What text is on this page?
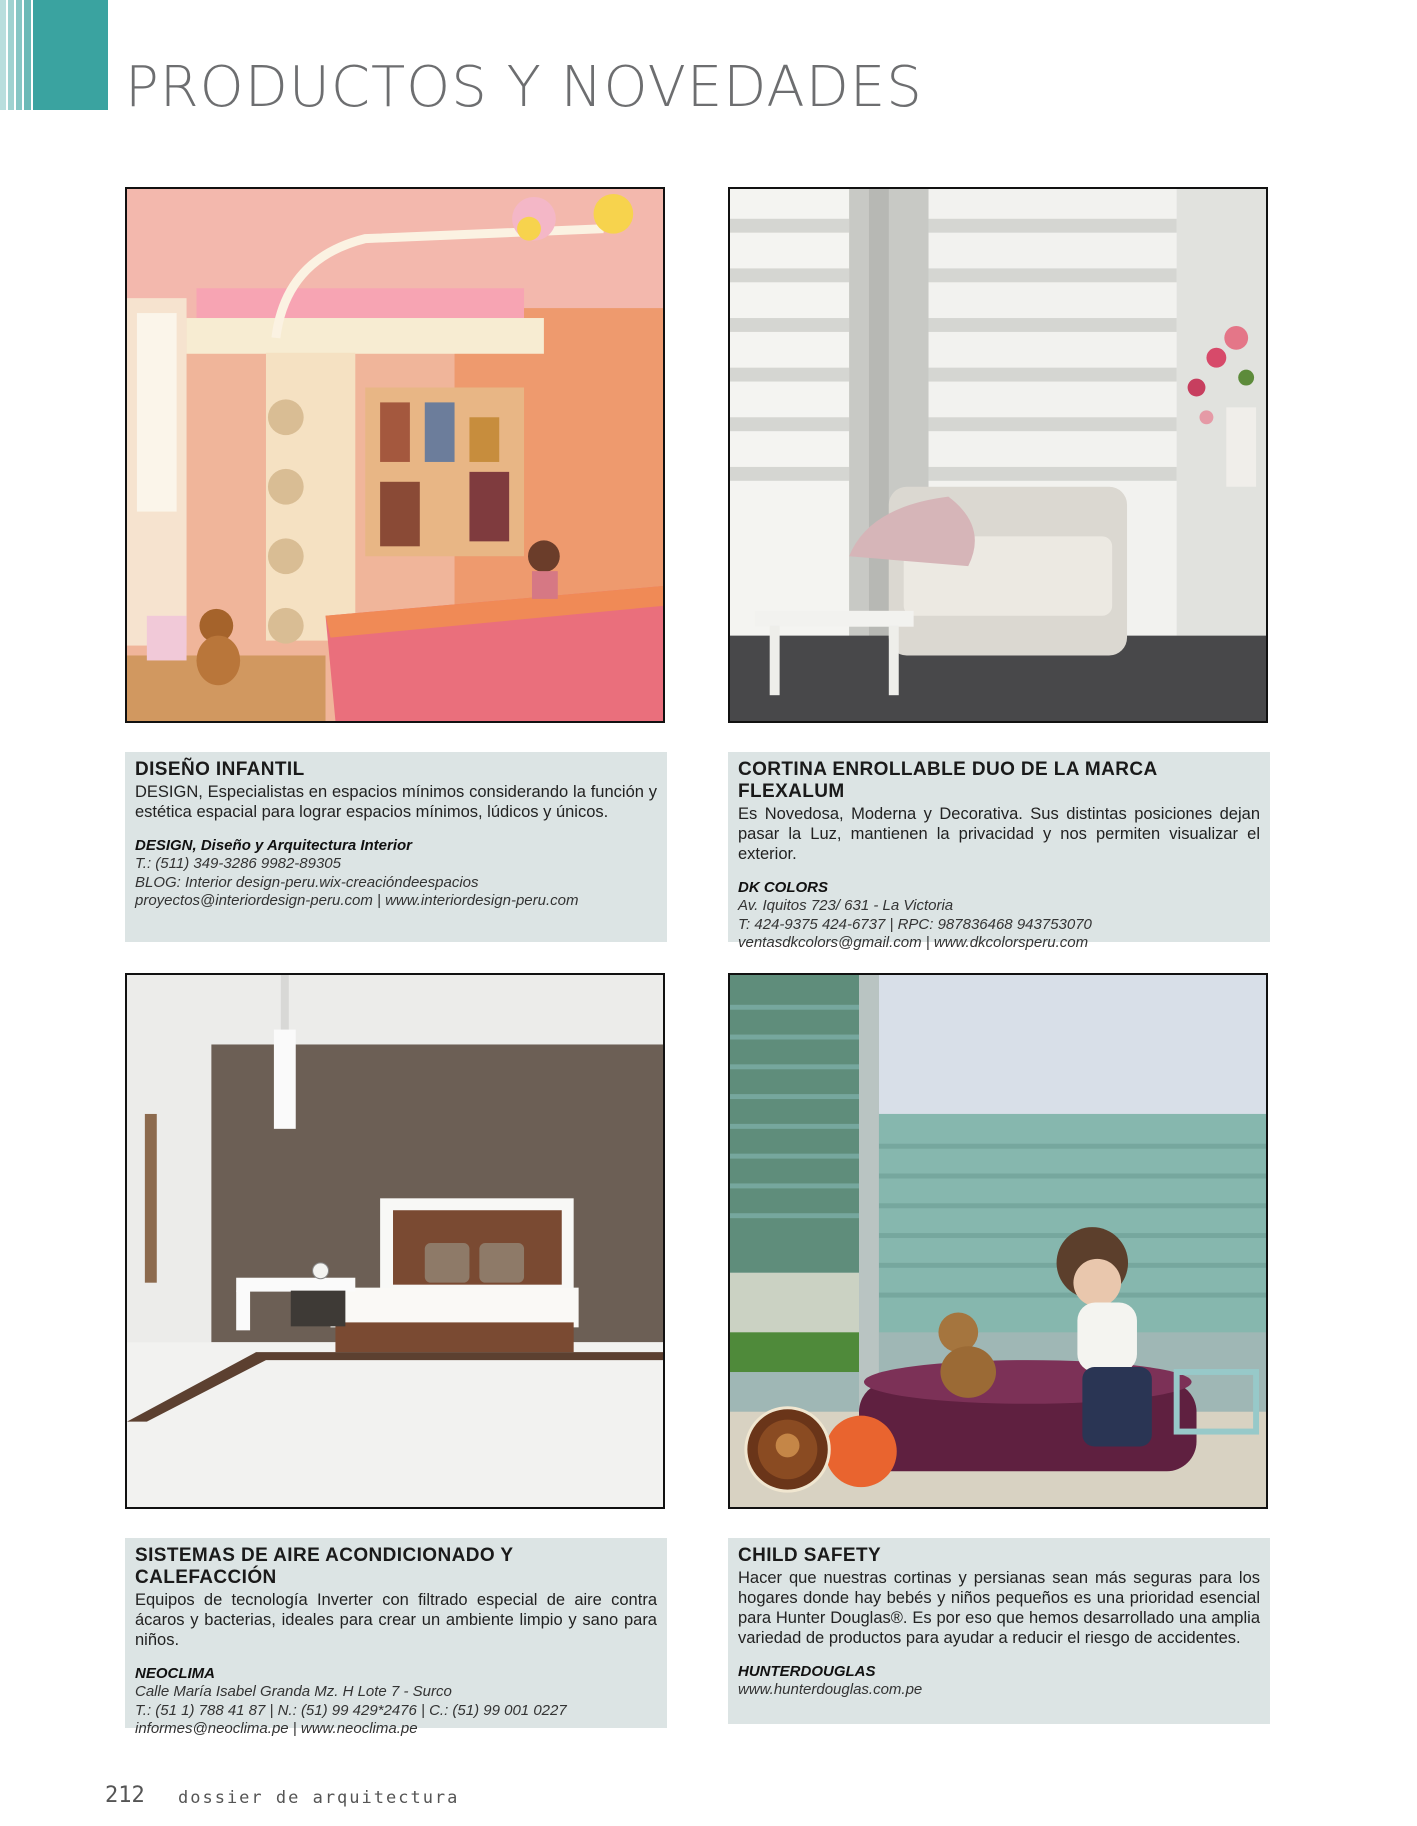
PRODUCTOS Y NOVEDADES
DISEÑO INFANTIL

DESIGN, Especialistas en espacios mínimos considerando la función y estética espacial para lograr espacios mínimos, lúdicos y únicos.

DESIGN, Diseño y Arquitectura Interior

T.: (511) 349-3286 9982-89305

BLOG: Interior design-peru.wix-creacióndeespacios

proyectos@interiordesign-peru.com | www.interiordesign-peru.com

CORTINA ENROLLABLE DUO DE LA MARCA FLEXALUM

Es Novedosa, Moderna y Decorativa. Sus distintas posiciones dejan pasar la Luz, mantienen la privacidad y nos permiten visualizar el exterior.

DK COLORS

Av. Iquitos 723/ 631 - La Victoria

T: 424-9375 424-6737 | RPC: 987836468 943753070

ventasdkcolors@gmail.com | www.dkcolorsperu.com

SISTEMAS DE AIRE ACONDICIONADO Y CALEFACCIÓN

Equipos de tecnología Inverter con filtrado especial de aire contra ácaros y bacterias, ideales para crear un ambiente limpio y sano para niños.

NEOCLIMA

Calle María Isabel Granda Mz. H Lote 7 - Surco

T.: (51 1) 788 41 87 | N.: (51) 99 429*2476 | C.: (51) 99 001 0227

informes@neoclima.pe | www.neoclima.pe

CHILD SAFETY

Hacer que nuestras cortinas y persianas sean más seguras para los hogares donde hay bebés y niños pequeños es una prioridad esencial para Hunter Douglas®. Es por eso que hemos desarrollado una amplia variedad de productos para ayudar a reducir el riesgo de accidentes.

HUNTERDOUGLAS

www.hunterdouglas.com.pe

212 dossier de arquitectura
